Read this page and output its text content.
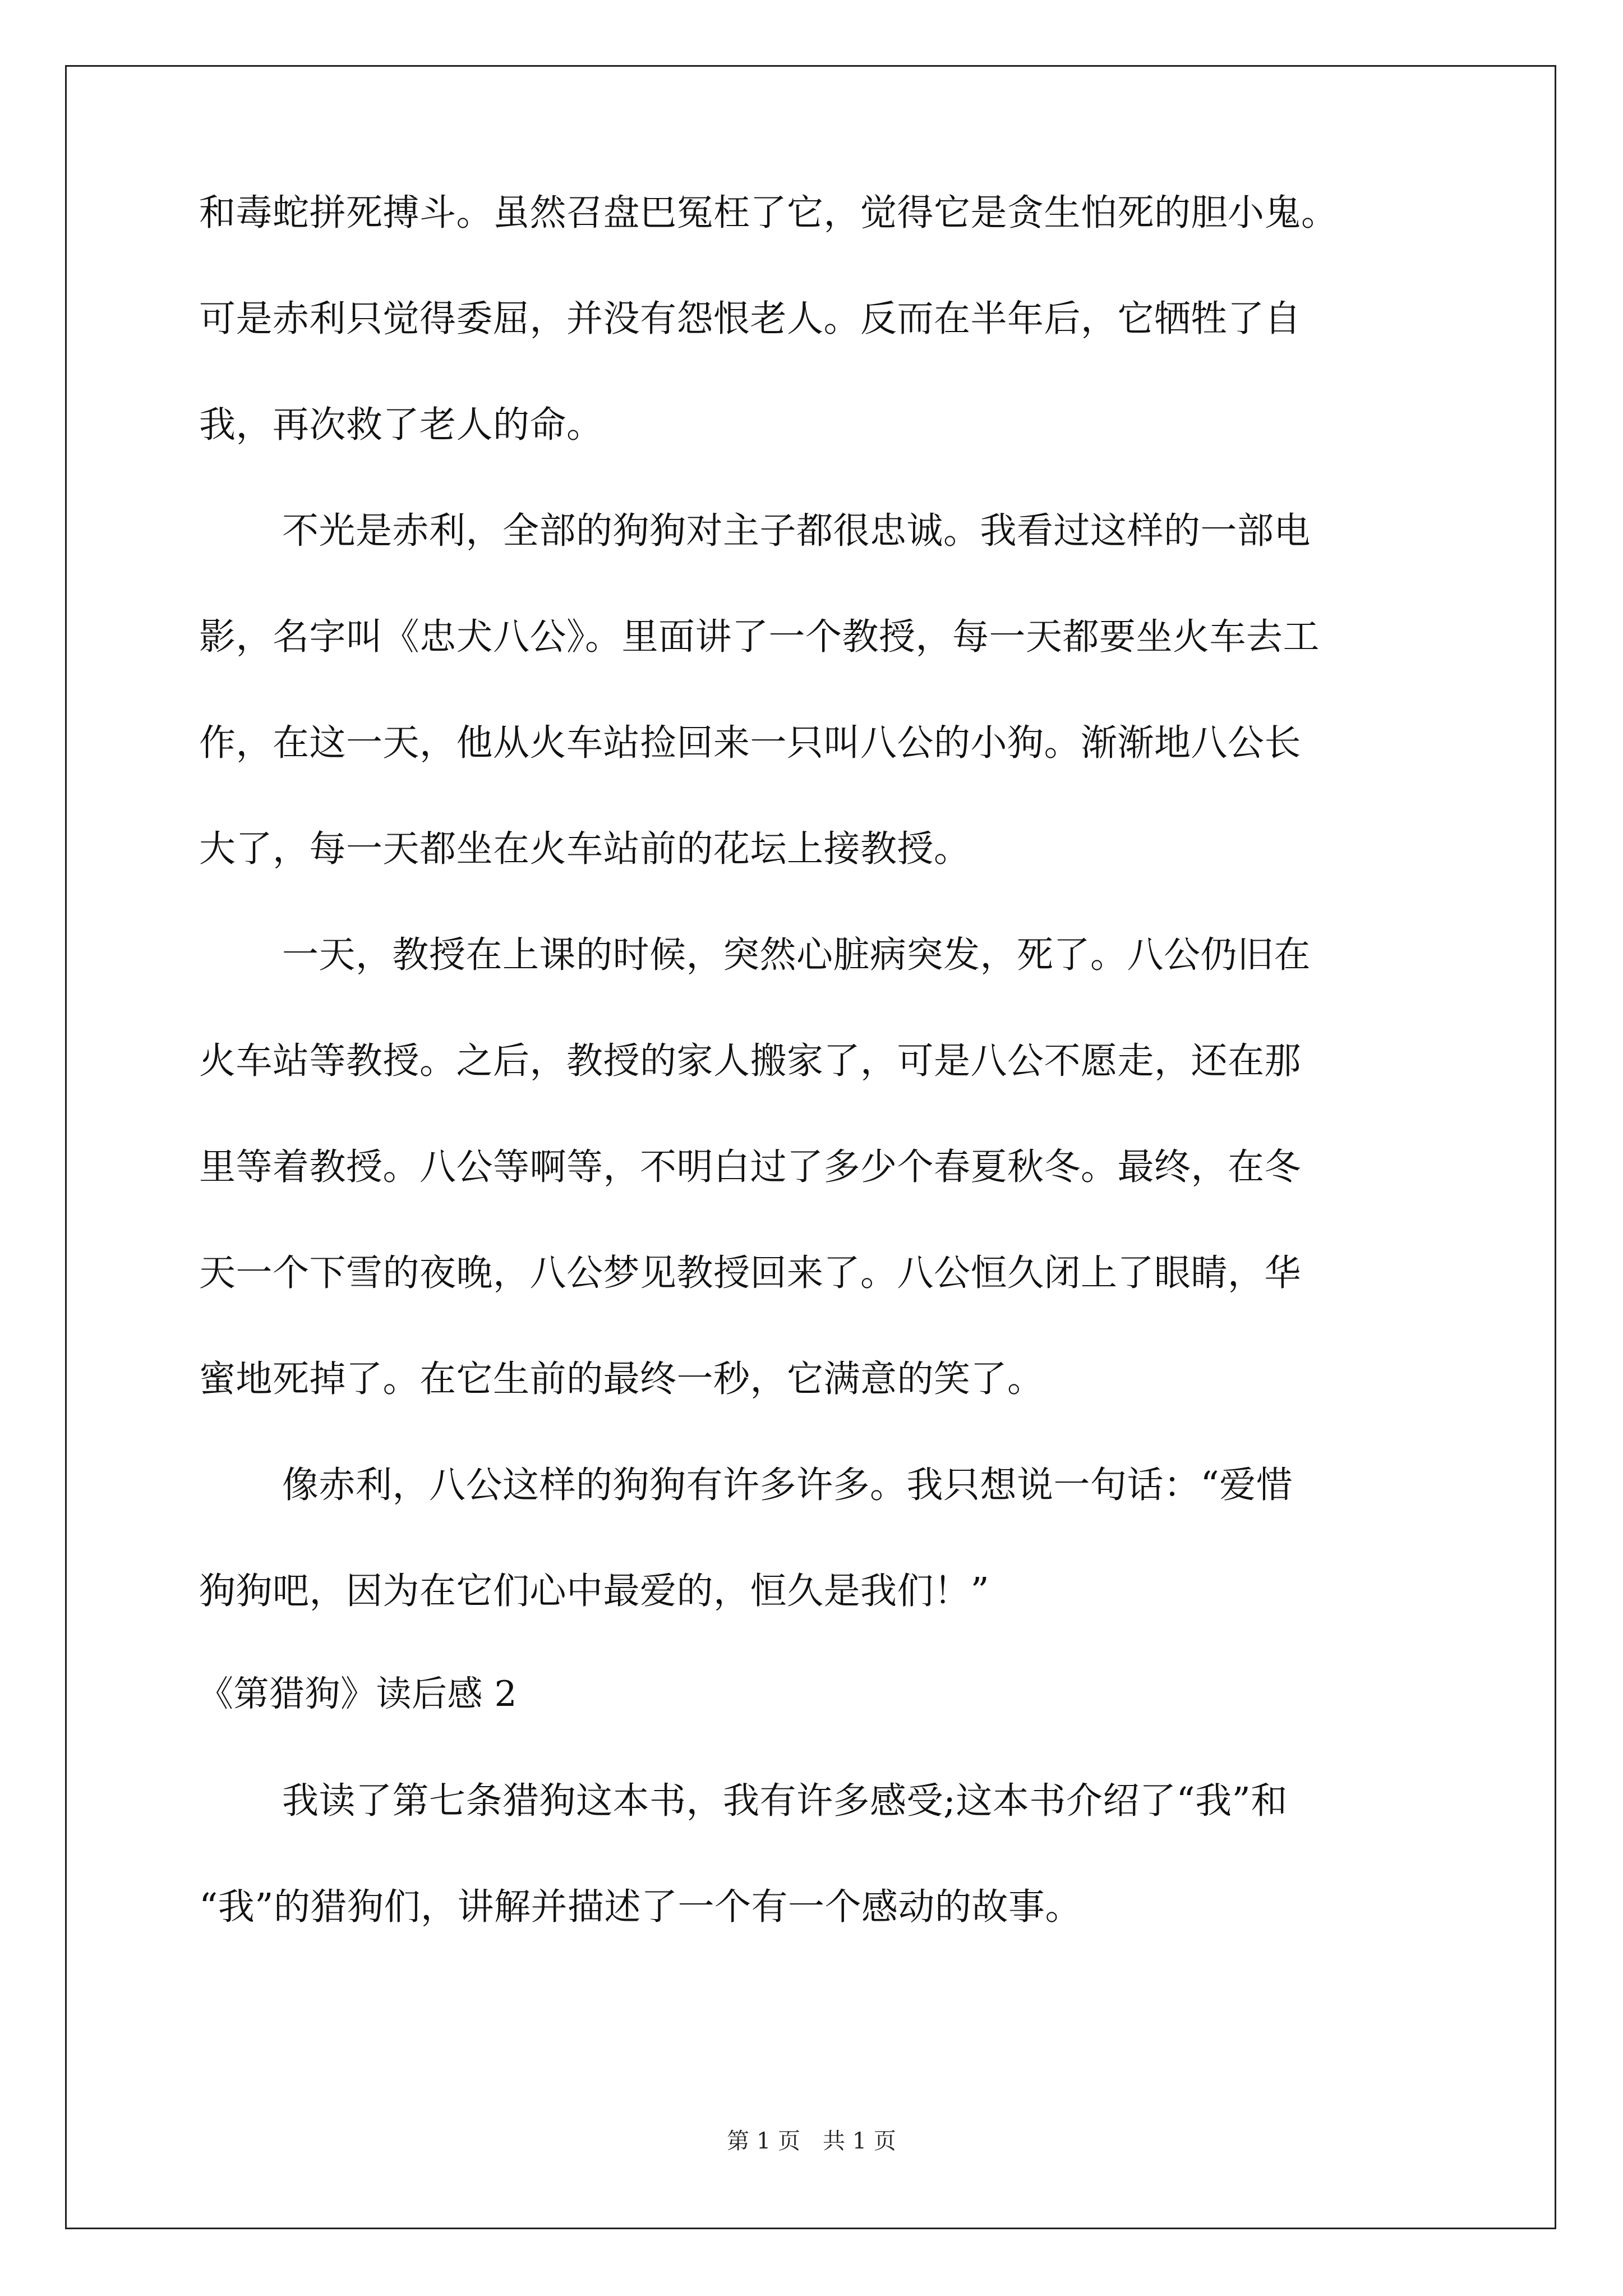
和毒蛇拼死搏斗。虽然召盘巴冤枉了它，觉得它是贪生怕死的胆小鬼。
可是赤利只觉得委屈，并没有怨恨老人。反而在半年后，它牺牲了自
我，再次救了老人的命。
不光是赤利，全部的狗狗对主子都很忠诚。我看过这样的一部电
影，名字叫《忠犬八公》。里面讲了一个教授，每一天都要坐火车去工
作，在这一天，他从火车站捡回来一只叫八公的小狗。渐渐地八公长
大了，每一天都坐在火车站前的花坛上接教授。
一天，教授在上课的时候，突然心脏病突发，死了。八公仍旧在
火车站等教授。之后，教授的家人搬家了，可是八公不愿走，还在那
里等着教授。八公等啊等，不明白过了多少个春夏秋冬。最终，在冬
天一个下雪的夜晚，八公梦见教授回来了。八公恒久闭上了眼睛，华
蜜地死掉了。在它生前的最终一秒，它满意的笑了。
像赤利，八公这样的狗狗有许多许多。我只想说一句话：“爱惜
狗狗吧，因为在它们心中最爱的，恒久是我们！”
《第猎狗》读后感 2
我读了第七条猎狗这本书，我有许多感受;这本书介绍了“我”和
“我”的猎狗们，讲解并描述了一个有一个感动的故事。
第 1 页　共 1 页
